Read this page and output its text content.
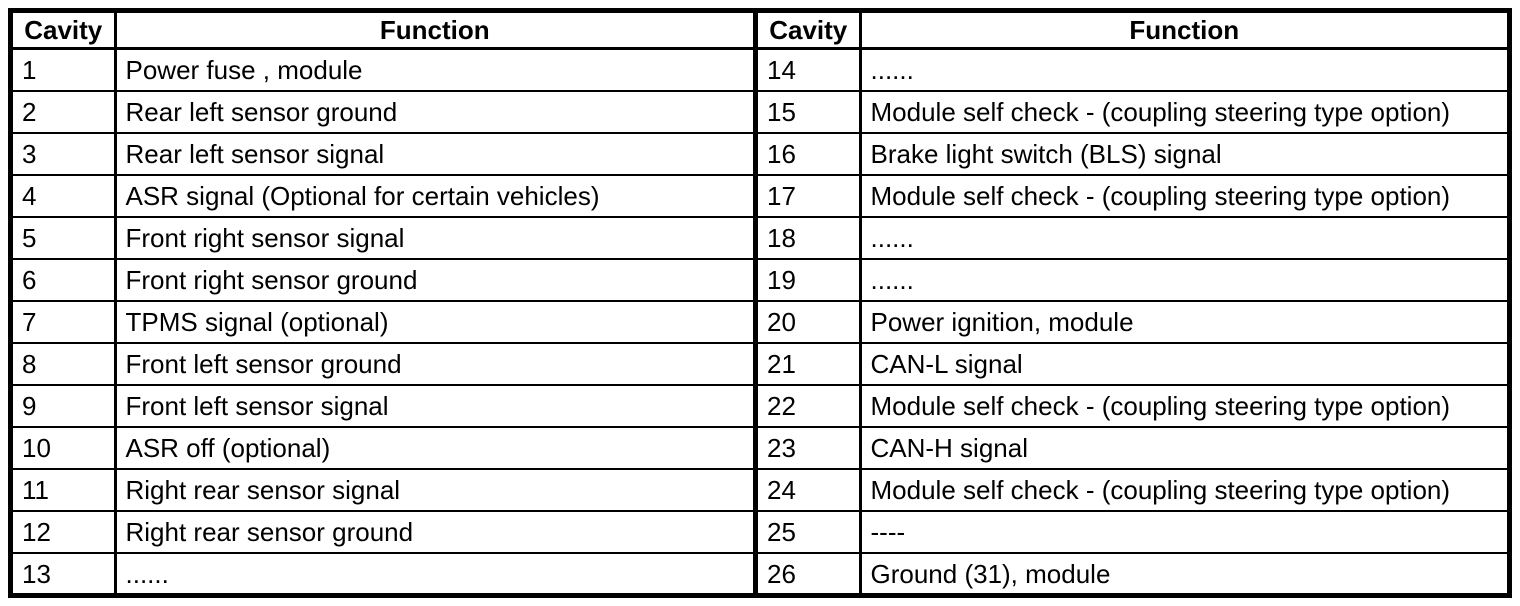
Cavity	Function
1	Power fuse , module
2	Rear left sensor ground
3	Rear left sensor signal
4	ASR signal (Optional for certain vehicles)
5	Front right sensor signal
6	Front right sensor ground
7	TPMS signal (optional)
8	Front left sensor ground
9	Front left sensor signal
10	ASR off (optional)
11	Right rear sensor signal
12	Right rear sensor ground
13	......
Cavity	Function
14	......
15	Module self check - (coupling steering type option)
16	Brake light switch (BLS) signal
17	Module self check - (coupling steering type option)
18	......
19	......
20	Power ignition, module
21	CAN-L signal
22	Module self check - (coupling steering type option)
23	CAN-H signal
24	Module self check - (coupling steering type option)
25	----
26	Ground (31), module
